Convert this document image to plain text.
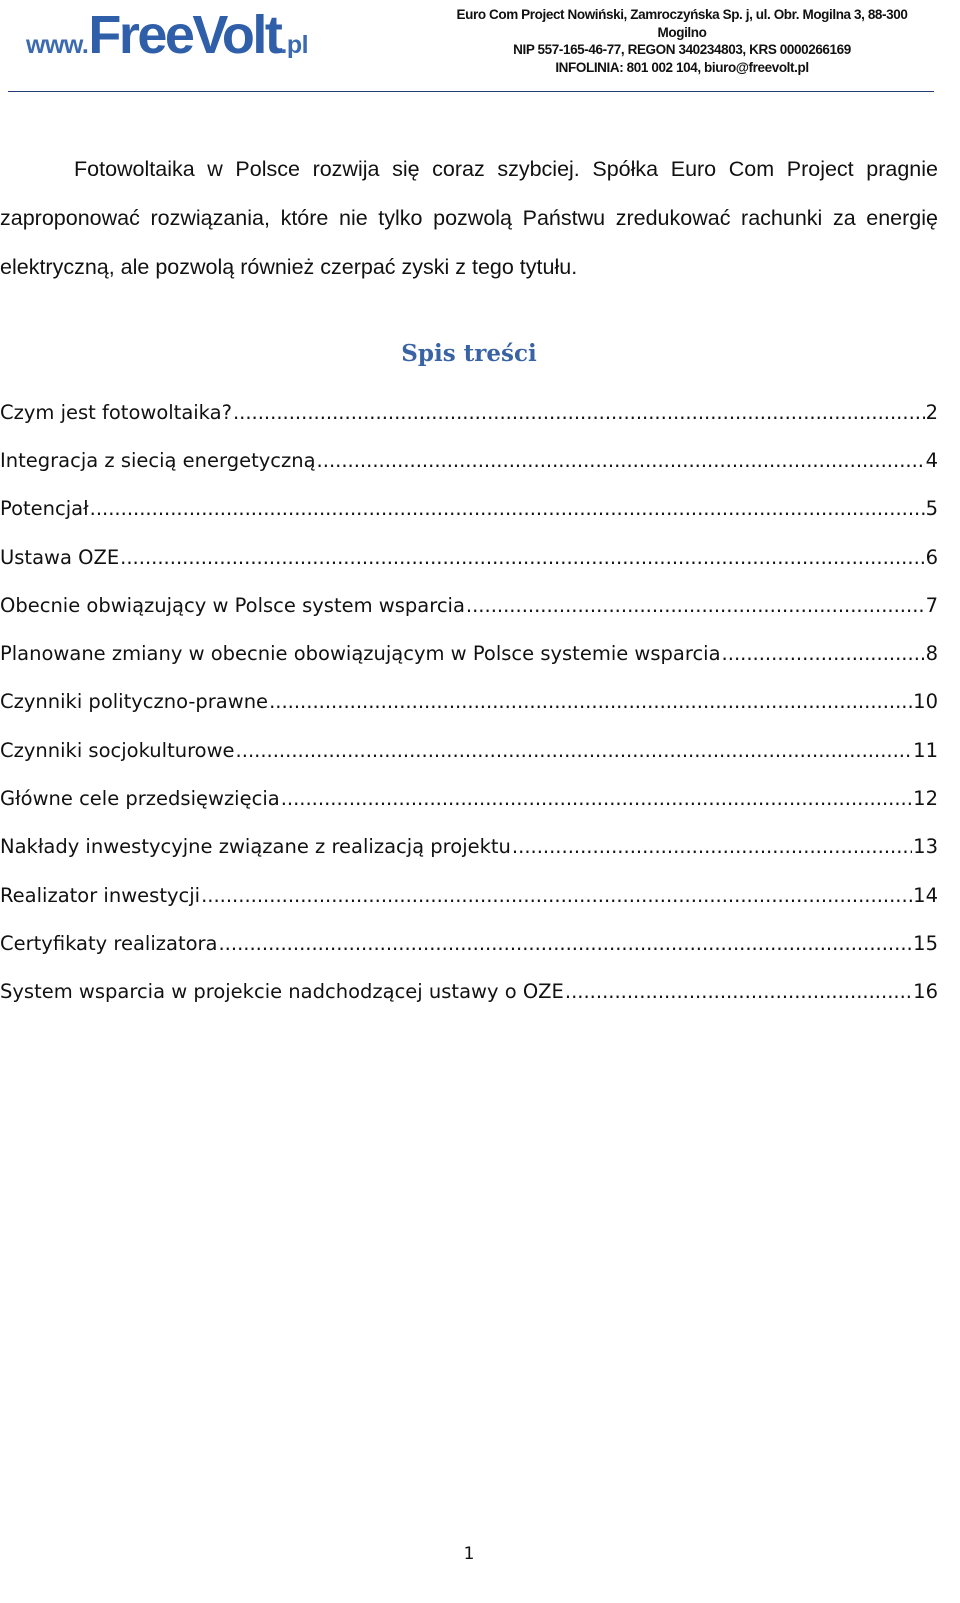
www.FreeVolt.pl
Euro Com Project Nowiński, Zamroczyńska Sp. j, ul. Obr. Mogilna 3, 88-300 Mogilno
NIP 557-165-46-77, REGON 340234803, KRS 0000266169
INFOLINIA: 801 002 104, biuro@freevolt.pl

Fotowoltaika w Polsce rozwija się coraz szybciej. Spółka Euro Com Project pragnie zaproponować rozwiązania, które nie tylko pozwolą Państwu zredukować rachunki za energię elektryczną, ale pozwolą również czerpać zyski z tego tytułu.

Spis treści
Czym jest fotowoltaika? .....	2
Integracja z siecią energetyczną .....	4
Potencjał .....	5
Ustawa OZE .....	6
Obecnie obwiązujący w Polsce system wsparcia .....	7
Planowane zmiany w obecnie obowiązującym w Polsce systemie wsparcia .....	8
Czynniki polityczno-prawne .....	10
Czynniki socjokulturowe .....	11
Główne cele przedsięwzięcia .....	12
Nakłady inwestycyjne związane z realizacją projektu .....	13
Realizator inwestycji .....	14
Certyfikaty realizatora .....	15
System wsparcia w projekcie nadchodzącej ustawy o OZE .....	16
1
